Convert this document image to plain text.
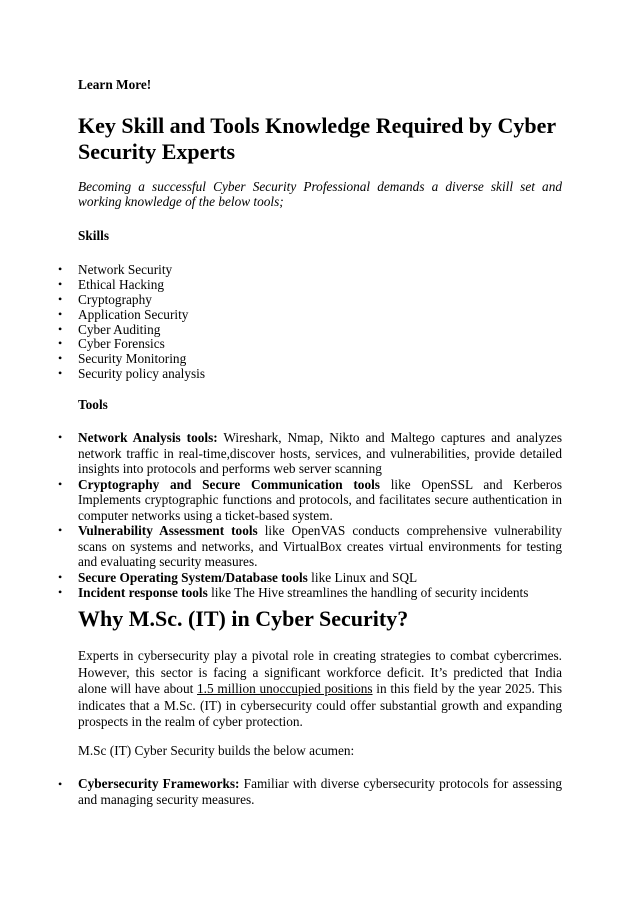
Learn More!
Key Skill and Tools Knowledge Required by Cyber Security Experts

Becoming a successful Cyber Security Professional demands a diverse skill set and working knowledge of the below tools;

Skills
• Network Security
• Ethical Hacking
• Cryptography
• Application Security
• Cyber Auditing
• Cyber Forensics
• Security Monitoring
• Security policy analysis
Tools
• Network Analysis tools: Wireshark, Nmap, Nikto and Maltego captures and analyzes network traffic in real-time,discover hosts, services, and vulnerabilities, provide detailed insights into protocols and performs web server scanning
• Cryptography and Secure Communication tools like OpenSSL and Kerberos Implements cryptographic functions and protocols, and facilitates secure authentication in computer networks using a ticket-based system.
• Vulnerability Assessment tools like OpenVAS conducts comprehensive vulnerability scans on systems and networks, and VirtualBox creates virtual environments for testing and evaluating security measures.
• Secure Operating System/Database tools like Linux and SQL
• Incident response tools like The Hive streamlines the handling of security incidents
Why M.Sc. (IT) in Cyber Security?

Experts in cybersecurity play a pivotal role in creating strategies to combat cybercrimes. However, this sector is facing a significant workforce deficit. It’s predicted that India alone will have about 1.5 million unoccupied positions in this field by the year 2025. This indicates that a M.Sc. (IT) in cybersecurity could offer substantial growth and expanding prospects in the realm of cyber protection.

M.Sc (IT) Cyber Security builds the below acumen:

• Cybersecurity Frameworks: Familiar with diverse cybersecurity protocols for assessing and managing security measures.
